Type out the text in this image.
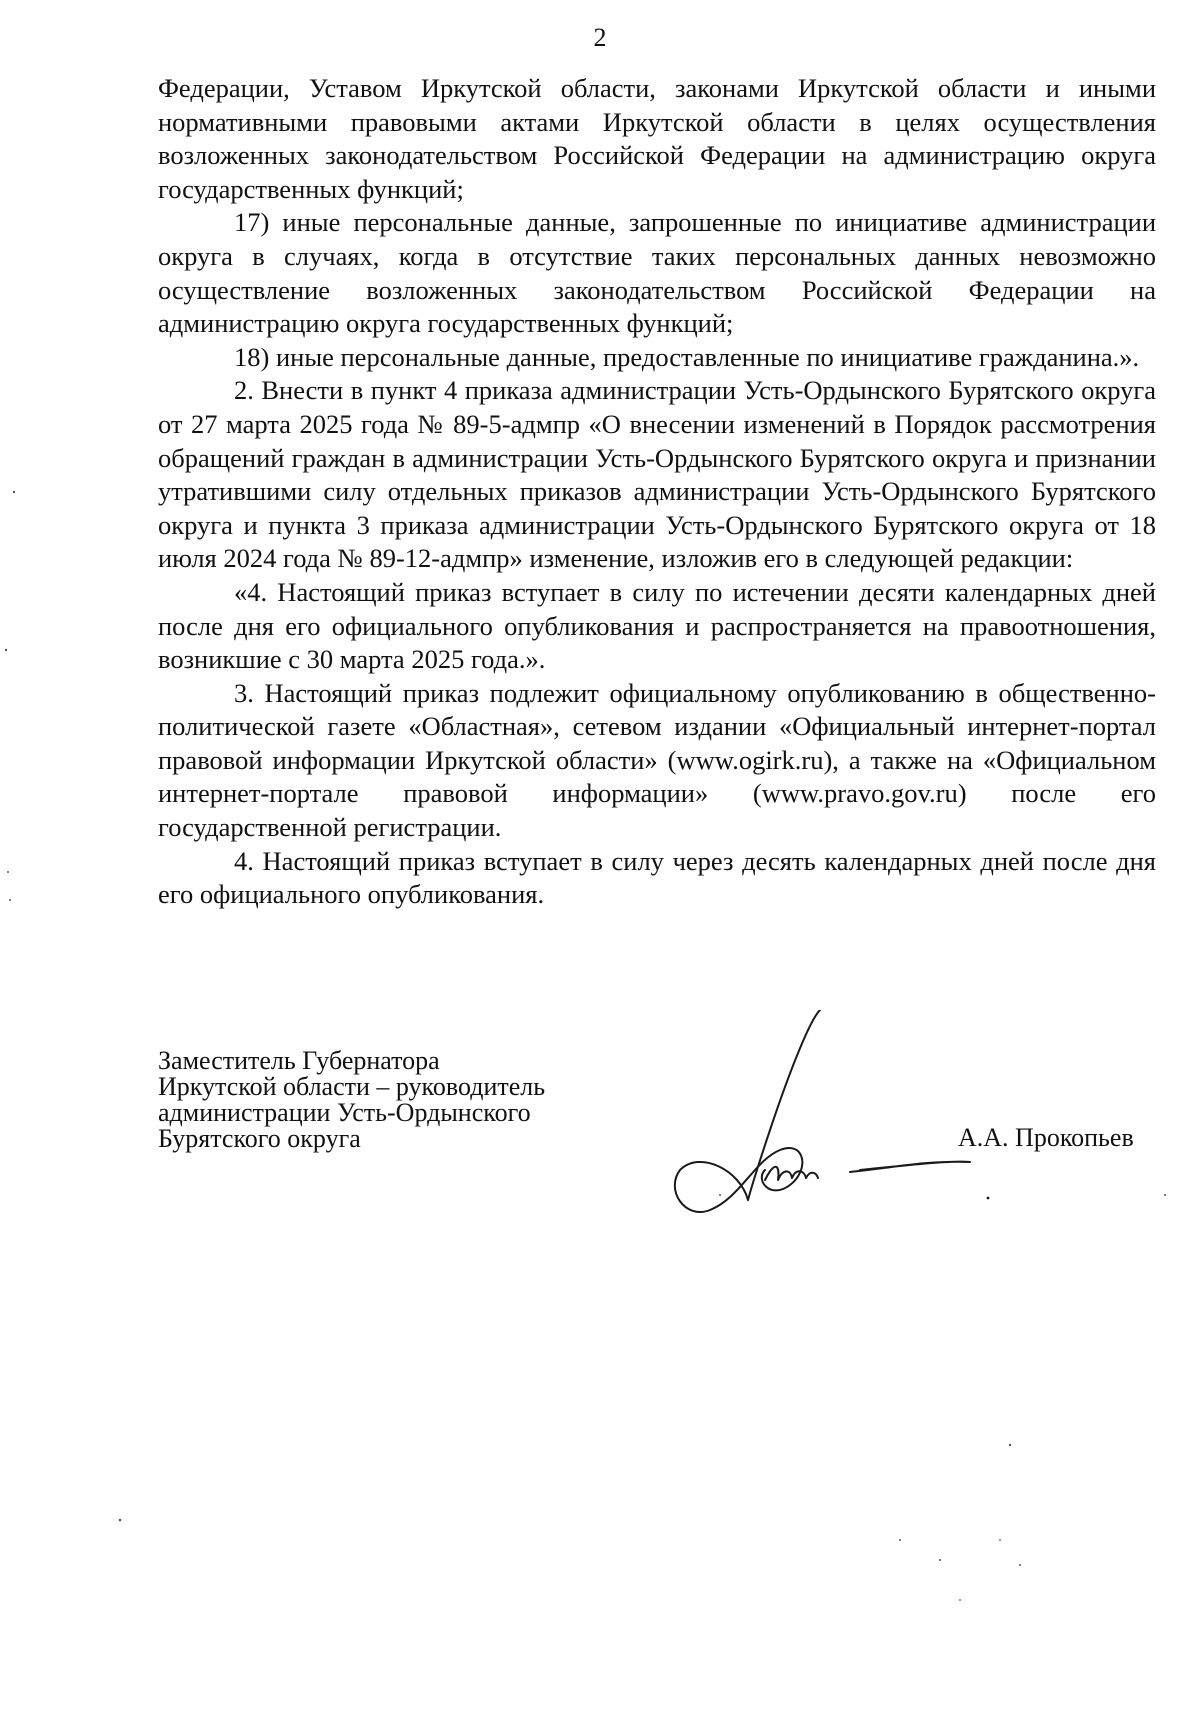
2

Федерации, Уставом Иркутской области, законами Иркутской области и иными нормативными правовыми актами Иркутской области в целях осуществления возложенных законодательством Российской Федерации на администрацию округа государственных функций;

17) иные персональные данные, запрошенные по инициативе администрации округа в случаях, когда в отсутствие таких персональных данных невозможно осуществление возложенных законодательством Российской Федерации на администрацию округа государственных функций;

18) иные персональные данные, предоставленные по инициативе гражданина.».

2. Внести в пункт 4 приказа администрации Усть-Ордынского Бурятского округа от 27 марта 2025 года № 89-5-адмпр «О внесении изменений в Порядок рассмотрения обращений граждан в администрации Усть-Ордынского Бурятского округа и признании утратившими силу отдельных приказов администрации Усть-Ордынского Бурятского округа и пункта 3 приказа администрации Усть-Ордынского Бурятского округа от 18 июля 2024 года № 89-12-адмпр» изменение, изложив его в следующей редакции:

«4. Настоящий приказ вступает в силу по истечении десяти календарных дней после дня его официального опубликования и распространяется на правоотношения, возникшие с 30 марта 2025 года.».

3. Настоящий приказ подлежит официальному опубликованию в общественно-политической газете «Областная», сетевом издании «Официальный интернет-портал правовой информации Иркутской области» (www.ogirk.ru), а также на «Официальном интернет-портале правовой информации» (www.pravo.gov.ru) после его государственной регистрации.

4. Настоящий приказ вступает в силу через десять календарных дней после дня его официального опубликования.

Заместитель Губернатора
Иркутской области – руководитель
администрации Усть-Ордынского
Бурятского округа	А.А. Прокопьев
